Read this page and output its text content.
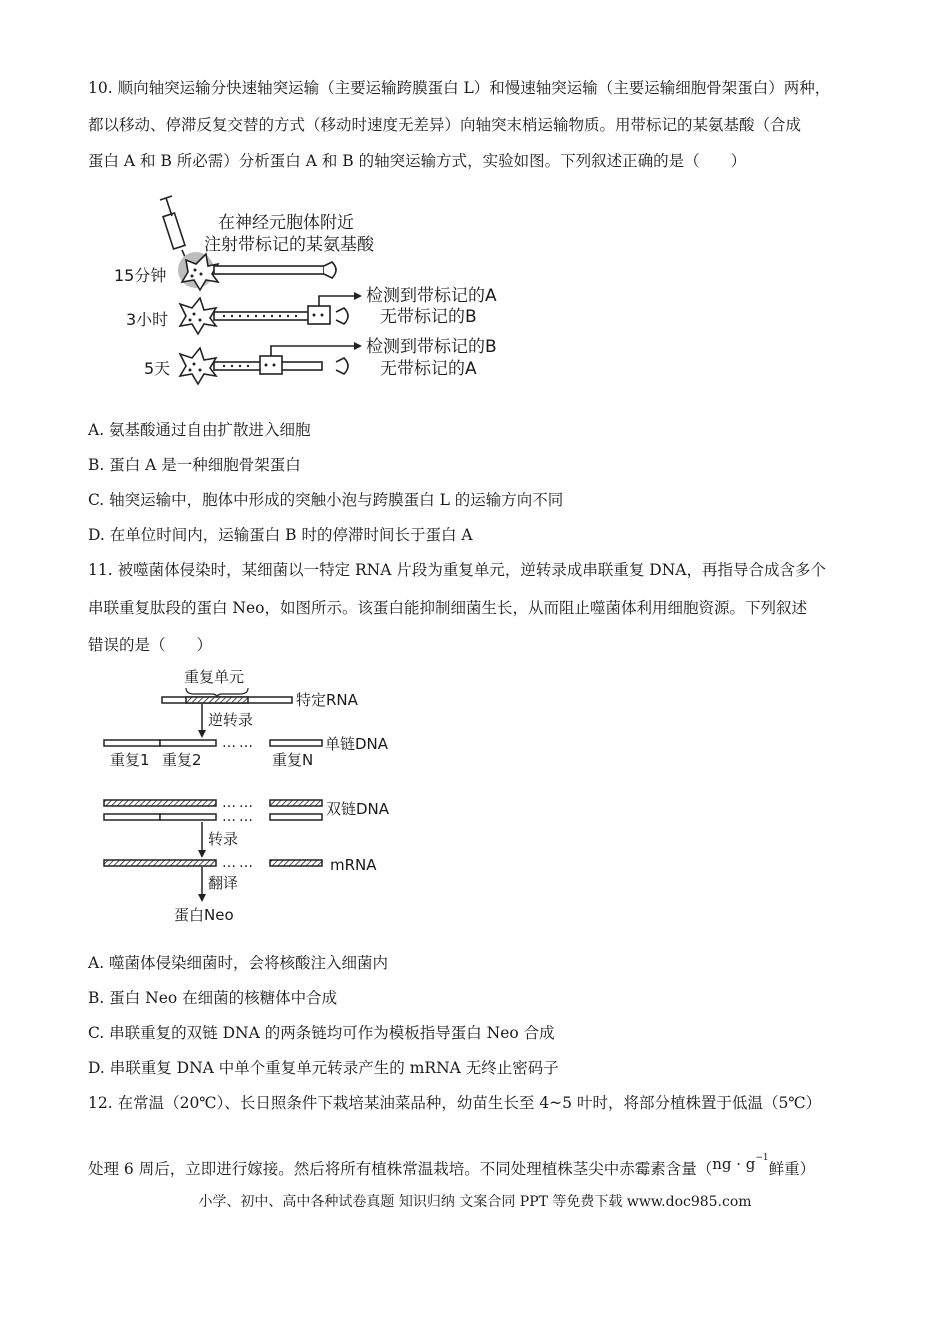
10. 顺向轴突运输分快速轴突运输（主要运输跨膜蛋白 L）和慢速轴突运输（主要运输细胞骨架蛋白）两种，
都以移动、停滞反复交替的方式（移动时速度无差异）向轴突末梢运输物质。用带标记的某氨基酸（合成
蛋白 A 和 B 所必需）分析蛋白 A 和 B 的轴突运输方式，实验如图。下列叙述正确的是（　　）
15分钟
在神经元胞体附近
注射带标记的某氨基酸
3小时
检测到带标记的A
无带标记的B
5天
检测到带标记的B
无带标记的A
A. 氨基酸通过自由扩散进入细胞
B. 蛋白 A 是一种细胞骨架蛋白
C. 轴突运输中，胞体中形成的突触小泡与跨膜蛋白 L 的运输方向不同
D. 在单位时间内，运输蛋白 B 时的停滞时间长于蛋白 A
11. 被噬菌体侵染时，某细菌以一特定 RNA 片段为重复单元，逆转录成串联重复 DNA，再指导合成含多个
串联重复肽段的蛋白 Neo，如图所示。该蛋白能抑制细菌生长，从而阻止噬菌体利用细胞资源。下列叙述
错误的是（　　）
重复单元
特定RNA
逆转录
……	单链DNA
重复1 重复2	重复N
……	双链DNA
……
转录
……	mRNA
翻译
蛋白Neo
A. 噬菌体侵染细菌时，会将核酸注入细菌内
B. 蛋白 Neo 在细菌的核糖体中合成
C. 串联重复的双链 DNA 的两条链均可作为模板指导蛋白 Neo 合成
D. 串联重复 DNA 中单个重复单元转录产生的 mRNA 无终止密码子
12. 在常温（20℃）、长日照条件下栽培某油菜品种，幼苗生长至 4~5 叶时，将部分植株置于低温（5℃）
处理 6 周后，立即进行嫁接。然后将所有植株常温栽培。不同处理植株茎尖中赤霉素含量（$ng \cdot g^{-1}$鲜重）
小学、初中、高中各种试卷真题 知识归纳 文案合同 PPT 等免费下载 www.doc985.com
